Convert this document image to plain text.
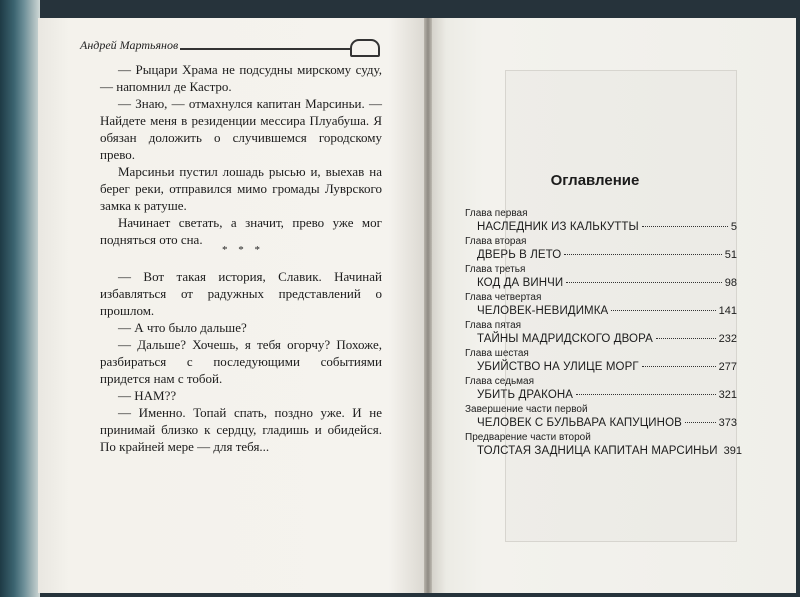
Андрей Мартьянов

— Рыцари Храма не подсудны мирскому суду, — напомнил де Кастро.

— Знаю, — отмахнулся капитан Марсиньи. — Найдете меня в резиденции мессира Плуабуша. Я обязан доложить о случившемся городскому прево.

Марсиньи пустил лошадь рысью и, выехав на берег реки, отправился мимо громады Луврского замка к ратуше.

Начинает светать, а значит, прево уже мог подняться ото сна.

* * *

— Вот такая история, Славик. Начинай избавляться от радужных представлений о прошлом.

— А что было дальше?

— Дальше? Хочешь, я тебя огорчу? Похоже, разбираться с последующими событиями придется нам с тобой.

— НАМ??

— Именно. Топай спать, поздно уже. И не принимай близко к сердцу, гладишь и обидейся. По крайней мере — для тебя...

Оглавление
Глава первая
НАСЛЕДНИК ИЗ КАЛЬКУТТЫ	5
Глава вторая
ДВЕРЬ В ЛЕТО	51
Глава третья
КОД ДА ВИНЧИ	98
Глава четвертая
ЧЕЛОВЕК-НЕВИДИМКА	141
Глава пятая
ТАЙНЫ МАДРИДСКОГО ДВОРА	232
Глава шестая
УБИЙСТВО НА УЛИЦЕ МОРГ	277
Глава седьмая
УБИТЬ ДРАКОНА	321
Завершение части первой
ЧЕЛОВЕК С БУЛЬВАРА КАПУЦИНОВ	373
Предварение части второй
ТОЛСТАЯ ЗАДНИЦА КАПИТАН МАРСИНЬИ 391
